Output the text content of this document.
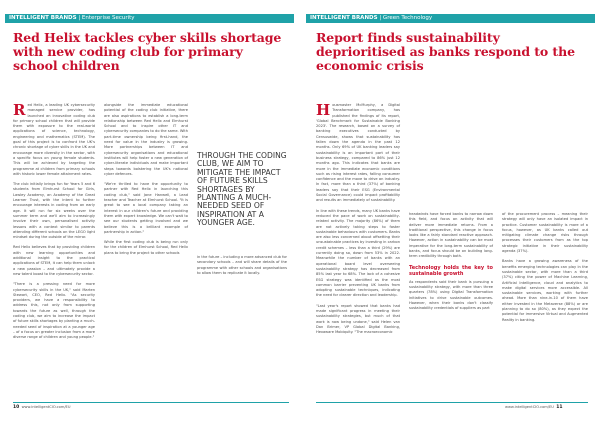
INTELLIGENT BRANDS | Enterprise Security
Red Helix tackles cyber skills shortage with new coding club for primary school children

Red Helix, a leading UK cybersecurity managed service provider, has launched an innovative coding club for primary school children that will provide them with exposure to the real-world applications of science, technology, engineering and mathematics (STEM). The goal of this project is to confront the UK's chronic shortage of cyber skills in the UK and encourage more diversity in the sector, with a specific focus on young female students. This will be achieved by targeting the programme at children from primary schools with historic lower female attainment rates.

The club initially brings fun for Years 5 and 6 students from Elmhurst School for Girls, Lawley Academy, an Academy of the Great Learner Trust, with the intent to further encourage interests in coding from an early age. It will run for six weeks over the summer term and we'll aim to increasingly involve their own, personalised activity lessons with a context similar to parents attending different schools on the LEGO light mindset during the outside of the mirror.

Red Helix believes that by providing children with new learning opportunities and additional insight to the practical applications of STEM, it can help them unlock a new passion – and ultimately provide a new talent boost to the cybersecurity sector.

"There is a pressing need for more cybersecurity skills in the UK," said Marten Stewart, CEO, Red Helix. "As security providers, we have a responsibility to address this, not only from supporting towards the future as well, through the coding club, we aim to increase the impact of future skills shortages by planting a much-needed seed of inspiration at a younger age – of a focus on greater inclusion from a more diverse range of children and young people."

alongside the immediate educational potential of the coding club initiative, there are also aspirations to establish a long-term relationship between Red Helix and Elmhurst School and to inspire other IT and cybersecurity companies to do the same. With part-time ownership being first-hand, the need for value in the industry is growing. More partnerships between IT and cybersecurity organisations and educational institutes will help foster a new generation of cyber-literate individuals and make important steps towards bolstering the UK's national cyber defences.

"We're thrilled to have the opportunity to partner with Red Helix in launching this coding club," said Jane Hanwell, a Lead teacher and Teacher at Elmhurst School. "It is great to see a local company taking an interest in our children's future and providing them with expert knowledge. We can't wait to see our students getting involved and we believe this is a brilliant example of partnership in action."

While the first coding club is being run only for the children of Elmhurst School, Red Helix plans to bring the project to other schools

THROUGH THE CODING CLUB, WE AIM TO MITIGATE THE IMPACT OF FUTURE SKILLS SHORTAGES BY PLANTING A MUCH-NEEDED SEED OF INSPIRATION AT A YOUNGER AGE.

in the future – including a more advanced club for secondary schools – and will share details of the programme with other schools and organisations to allow them to replicate it locally.

10 www.intelligentCIO.com/EU
INTELLIGENT BRANDS | Green Technology
Report finds sustainability deprioritised as banks respond to the economic crisis

Housmaster McMurphy, a Digital Transformation company, has published the findings of its report, 'Global Benchmark for Sustainable Banking 2023'. The research, based on a survey of banking executives conducted by Censuswide, shows that sustainability has fallen down the agenda in the past 12 months. Only 69% of UK banking leaders say sustainability is an important part of their business strategy, compared to 86% just 12 months ago. This indicates that banks are more in the immediate economic conditions such as rising interest rates, falling consumer confidence and the move to drive an industry. In fact, more than a third (37%) of banking leaders say that their ESG (Environmental Social Governance) could impact profitability and results an immediately of sustainability.

In line with these trends, many UK banks have reduced the pace of work on sustainability-related activity. The majority (86%) of them are not actively taking steps to foster sustainable behaviours with customers. Banks are also less concerned about offsetting their unsustainable practices by investing in carbon credit schemes – less than a third (29%) are currently doing so, down from 53% in 2022. Meanwhile the number of banks with an operational board level overseeing sustainability strategy has decreased from 85% last year to 68%. The lack of a cohesive ESG strategy was identified as the most common barrier preventing UK banks from adopting sustainable techniques, indicating the need for clearer direction and leadership.

"Last year's report showed that banks had made significant progress in meeting their sustainability strategies, but much of that work is now being undone," said Helen van Dan Brimer, VP Global Digital Banking, Hexaware Mobiquity. "The macroeconomic

headwinds have forced banks to narrow down this field, and focus on activity that will deliver more immediate returns. From a traditional perspective, this change in focus looks like a fairly standard reactive approach. However, action in sustainability can be most imperative for the long-term sustainability of banks, and focus should be on building long-term credibility through both.

Technology holds the key to sustainable growth

As respondents said their bank is pursuing a sustainability strategy, with more than three quarters (78%) using Digital Transformation initiatives to drive sustainable outcomes. However, when their banks don't classify sustainability credentials of suppliers as part

of the procurement process – meaning their strategy will only have an isolated impact in practice. Customer sustainability is more of a focus, however, as UK banks called out mitigating climate change risks through processes their customers from as the top strategic initiative in their sustainability agenda (37%).

Banks have a growing awareness of the benefits emerging technologies can play in the sustainable sector, with more than a third (37%) citing the power of Machine Learning, Artificial Intelligence, cloud and analytics to make digital services more accessible. All sustainable services, working with further ahead. More than nine-in-10 of them have either invested in the Metaverse (88%) or are planning to do so (80%), as they expect the potential for immersive Virtual and Augmented Reality in banking.

www.intelligentCIO.com/EU 11
